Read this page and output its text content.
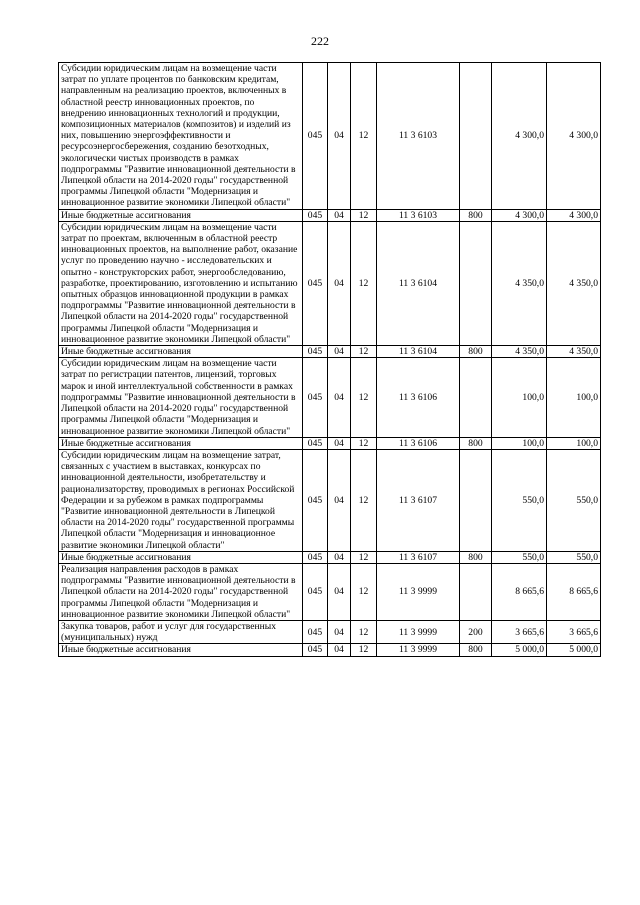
222
Субсидии юридическим лицам на возмещение части затрат по уплате процентов по банковским кредитам, направленным на реализацию проектов, включенных в областной реестр инновационных проектов, по внедрению инновационных технологий и продукции, композиционных материалов (композитов) и изделий из них, повышению энергоэффективности и ресурсоэнергосбережения, созданию безотходных, экологически чистых производств в рамках подпрограммы "Развитие инновационной деятельности в Липецкой области на 2014-2020 годы" государственной программы Липецкой области "Модернизация и инновационное развитие экономики Липецкой области"	045	04	12	11 3 6103		4 300,0	4 300,0
Иные бюджетные ассигнования	045	04	12	11 3 6103	800	4 300,0	4 300,0
Субсидии юридическим лицам на возмещение части затрат по проектам, включенным в областной реестр инновационных проектов, на выполнение работ, оказание услуг по проведению научно - исследовательских и опытно - конструкторских работ, энергообследованию, разработке, проектированию, изготовлению и испытанию опытных образцов инновационной продукции в рамках подпрограммы "Развитие инновационной деятельности в Липецкой области на 2014-2020 годы" государственной программы Липецкой области "Модернизация и инновационное развитие экономики Липецкой области"	045	04	12	11 3 6104		4 350,0	4 350,0
Иные бюджетные ассигнования	045	04	12	11 3 6104	800	4 350,0	4 350,0
Субсидии юридическим лицам на возмещение части затрат по регистрации патентов, лицензий, торговых марок и иной интеллектуальной собственности в рамках подпрограммы "Развитие инновационной деятельности в Липецкой области на 2014-2020 годы" государственной программы Липецкой области "Модернизация и инновационное развитие экономики Липецкой области"	045	04	12	11 3 6106		100,0	100,0
Иные бюджетные ассигнования	045	04	12	11 3 6106	800	100,0	100,0
Субсидии юридическим лицам на возмещение затрат, связанных с участием в выставках, конкурсах по инновационной деятельности, изобретательству и рационализаторству, проводимых в регионах Российской Федерации и за рубежом в рамках подпрограммы "Развитие инновационной деятельности в Липецкой области на 2014-2020 годы" государственной программы Липецкой области "Модернизация и инновационное развитие экономики Липецкой области"	045	04	12	11 3 6107		550,0	550,0
Иные бюджетные ассигнования	045	04	12	11 3 6107	800	550,0	550,0
Реализация направления расходов в рамках подпрограммы "Развитие инновационной деятельности в Липецкой области на 2014-2020 годы" государственной программы Липецкой области "Модернизация и инновационное развитие экономики Липецкой области"	045	04	12	11 3 9999		8 665,6	8 665,6
Закупка товаров, работ и услуг для государственных (муниципальных) нужд	045	04	12	11 3 9999	200	3 665,6	3 665,6
Иные бюджетные ассигнования	045	04	12	11 3 9999	800	5 000,0	5 000,0
